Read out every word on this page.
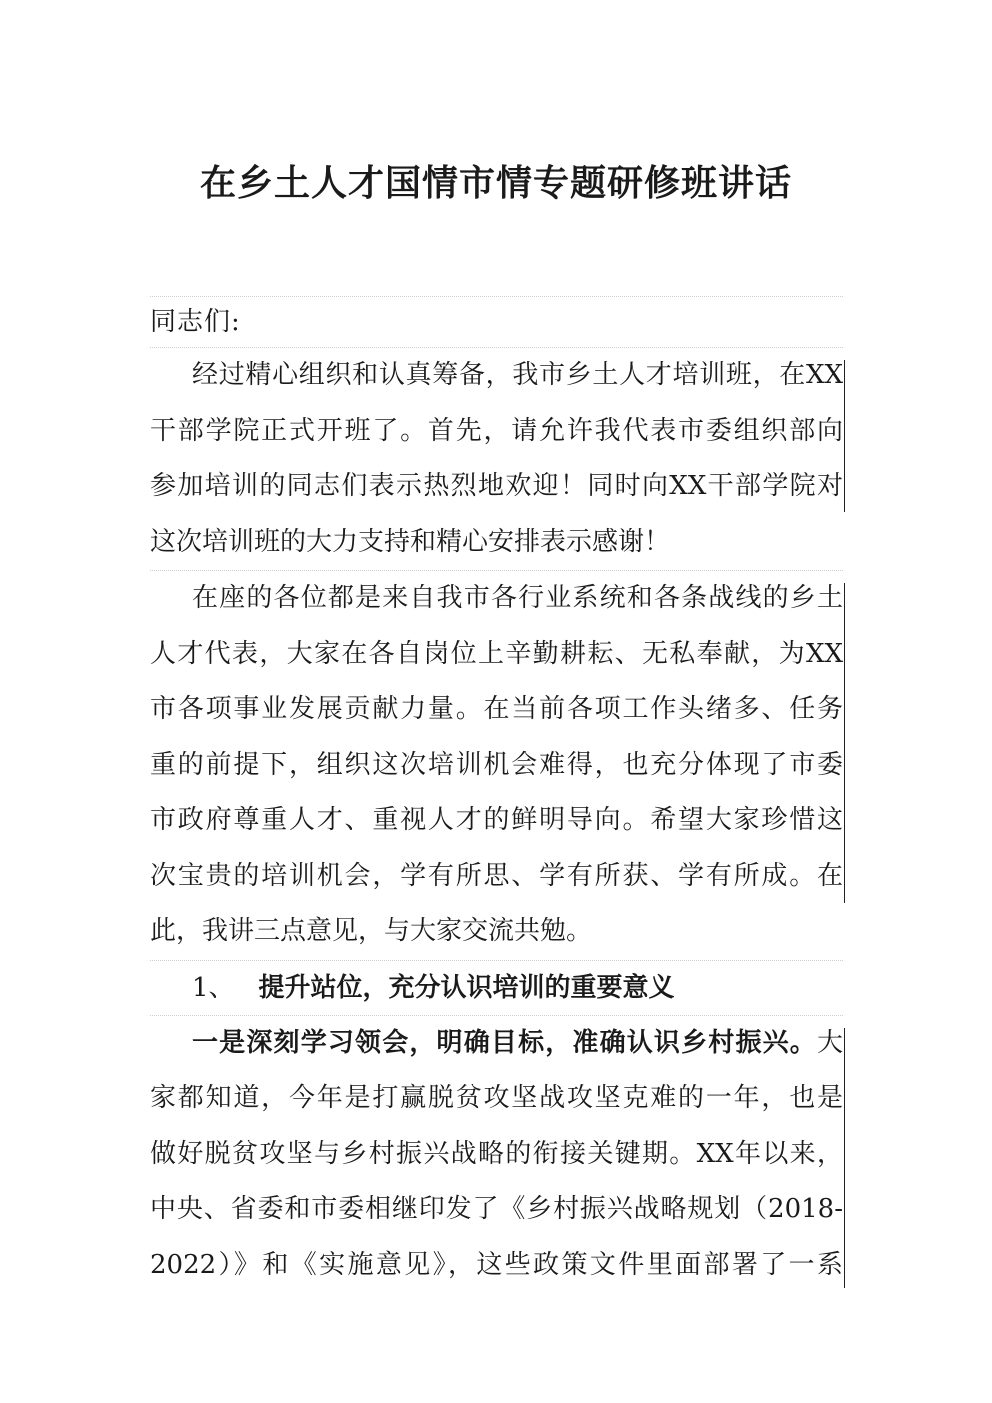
在乡土人才国情市情专题研修班讲话
同志们:
经过精心组织和认真筹备，我市乡土人才培训班，在XX
干部学院正式开班了。首先，请允许我代表市委组织部向
参加培训的同志们表示热烈地欢迎！同时向XX干部学院对
这次培训班的大力支持和精心安排表示感谢！
在座的各位都是来自我市各行业系统和各条战线的乡土
人才代表，大家在各自岗位上辛勤耕耘、无私奉献，为XX
市各项事业发展贡献力量。在当前各项工作头绪多、任务
重的前提下，组织这次培训机会难得，也充分体现了市委
市政府尊重人才、重视人才的鲜明导向。希望大家珍惜这
次宝贵的培训机会，学有所思、学有所获、学有所成。在
此，我讲三点意见，与大家交流共勉。
1、 提升站位，充分认识培训的重要意义
一是深刻学习领会，明确目标，准确认识乡村振兴。大
家都知道，今年是打赢脱贫攻坚战攻坚克难的一年，也是
做好脱贫攻坚与乡村振兴战略的衔接关键期。XX年以来，
中央、省委和市委相继印发了《乡村振兴战略规划（2018-
2022）》和《实施意见》，这些政策文件里面部署了一系
